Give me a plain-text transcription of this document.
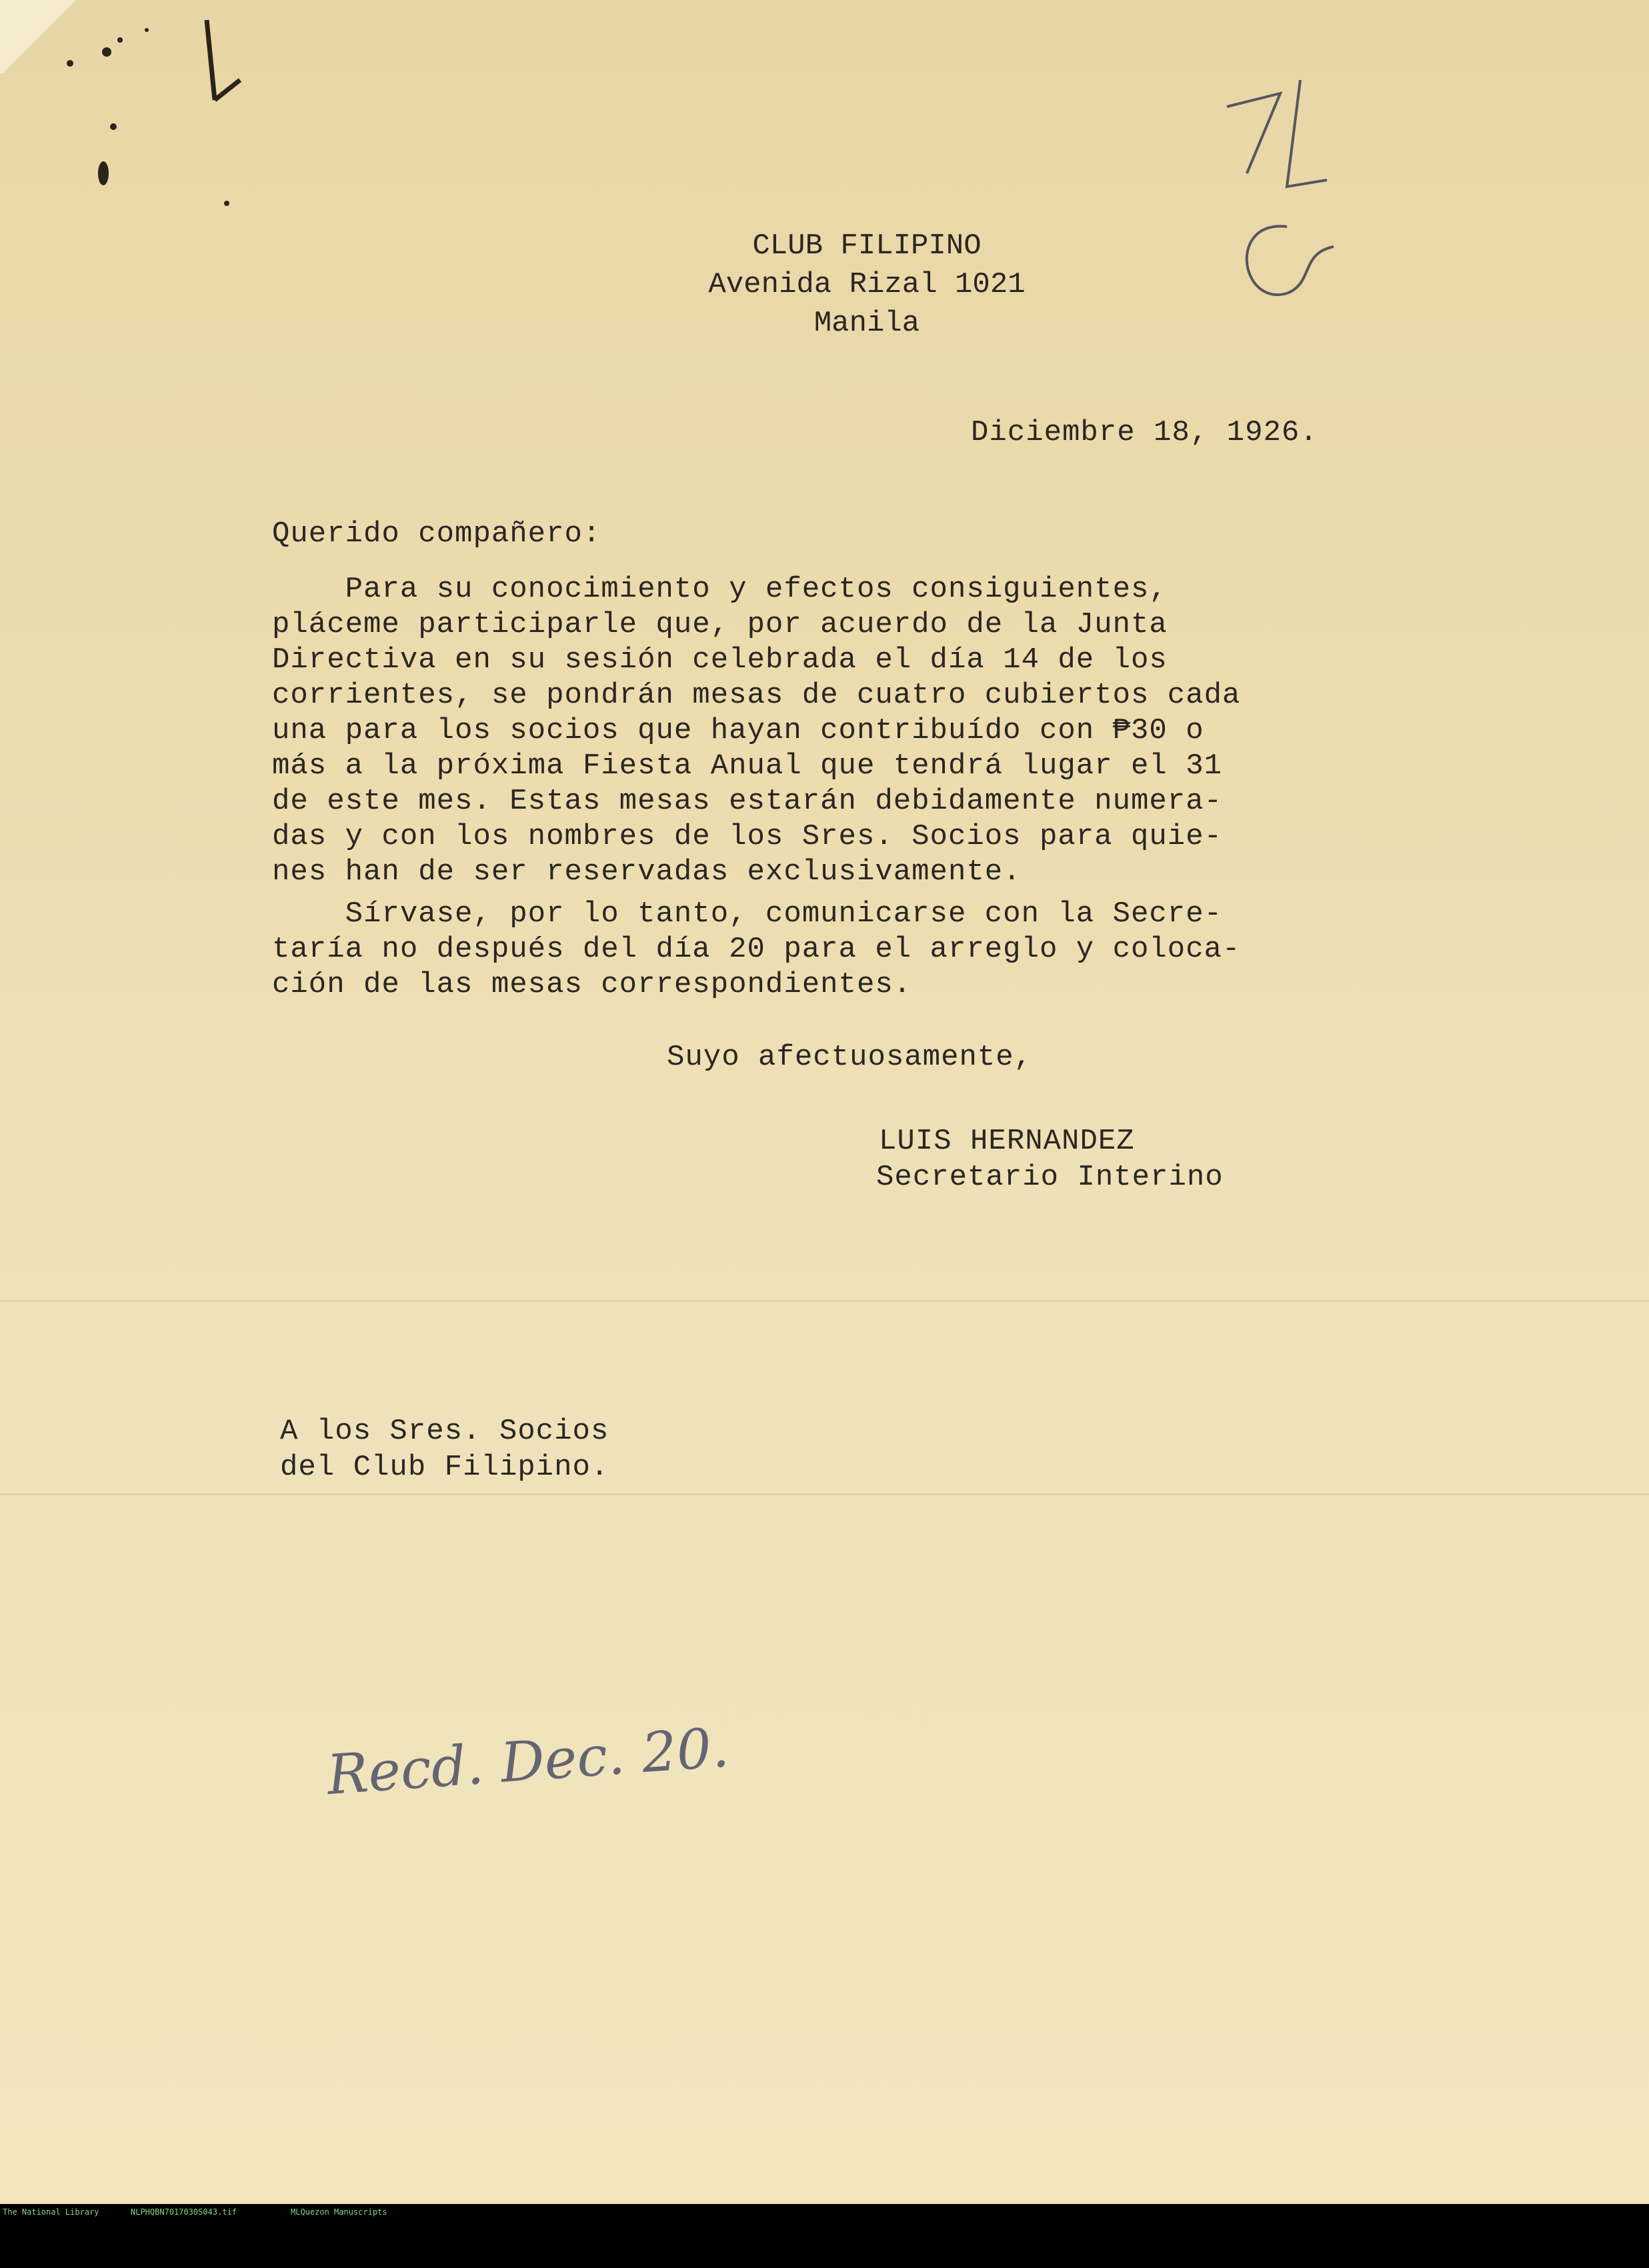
CLUB FILIPINO
Avenida Rizal 1021
Manila
Diciembre 18, 1926.
Querido compañero:
Para su conocimiento y efectos consiguientes,
pláceme participarle que, por acuerdo de la Junta
Directiva en su sesión celebrada el día 14 de los
corrientes, se pondrán mesas de cuatro cubiertos cada
una para los socios que hayan contribuído con ₱30 o
más a la próxima Fiesta Anual que tendrá lugar el 31
de este mes. Estas mesas estarán debidamente numera-
das y con los nombres de los Sres. Socios para quie-
nes han de ser reservadas exclusivamente.
Sírvase, por lo tanto, comunicarse con la Secre-
taría no después del día 20 para el arreglo y coloca-
ción de las mesas correspondientes.
Suyo afectuosamente,
LUIS HERNANDEZ
Secretario Interino
A los Sres. Socios
del Club Filipino.
Recd. Dec. 20.

The National Library

	NLPHQBN7017030S043.tif

	MLQuezon Manuscripts
